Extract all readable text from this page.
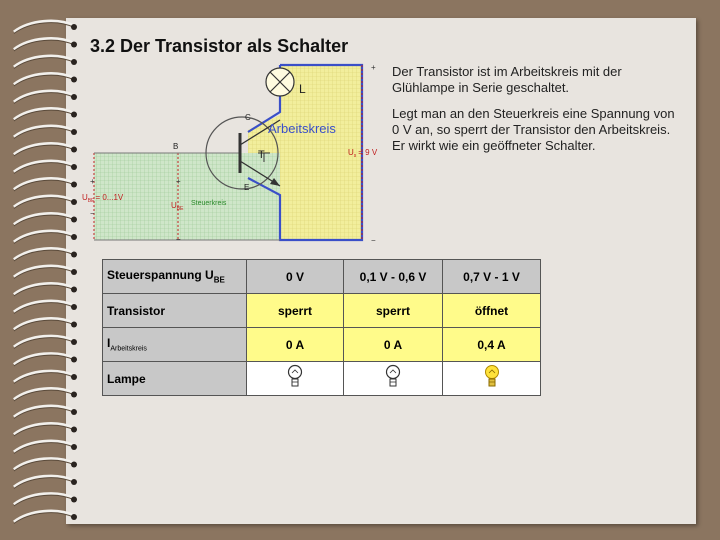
3.2 Der Transistor als Schalter

Der Transistor ist im Arbeitskreis mit der Glühlampe in Serie geschaltet.

Legt man an den Steuerkreis eine Spannung von 0 V an, so sperrt der Transistor den Arbeitskreis. Er wirkt wie ein geöffneter Schalter.

L
C
B
E
T
Arbeitskreis
Steuerkreis
$U_s = 9$ V
$U_{BE}= 0...1V$
$U_{BE}$
+
−
+
−
+
−
Steuerspannung $U_{BE}$	0 V	0,1 V - 0,6 V	0,7 V - 1 V
Transistor	sperrt	sperrt	öffnet
$I_{Arbeitskreis}$	0 A	0 A	0,4 A
Lampe			
